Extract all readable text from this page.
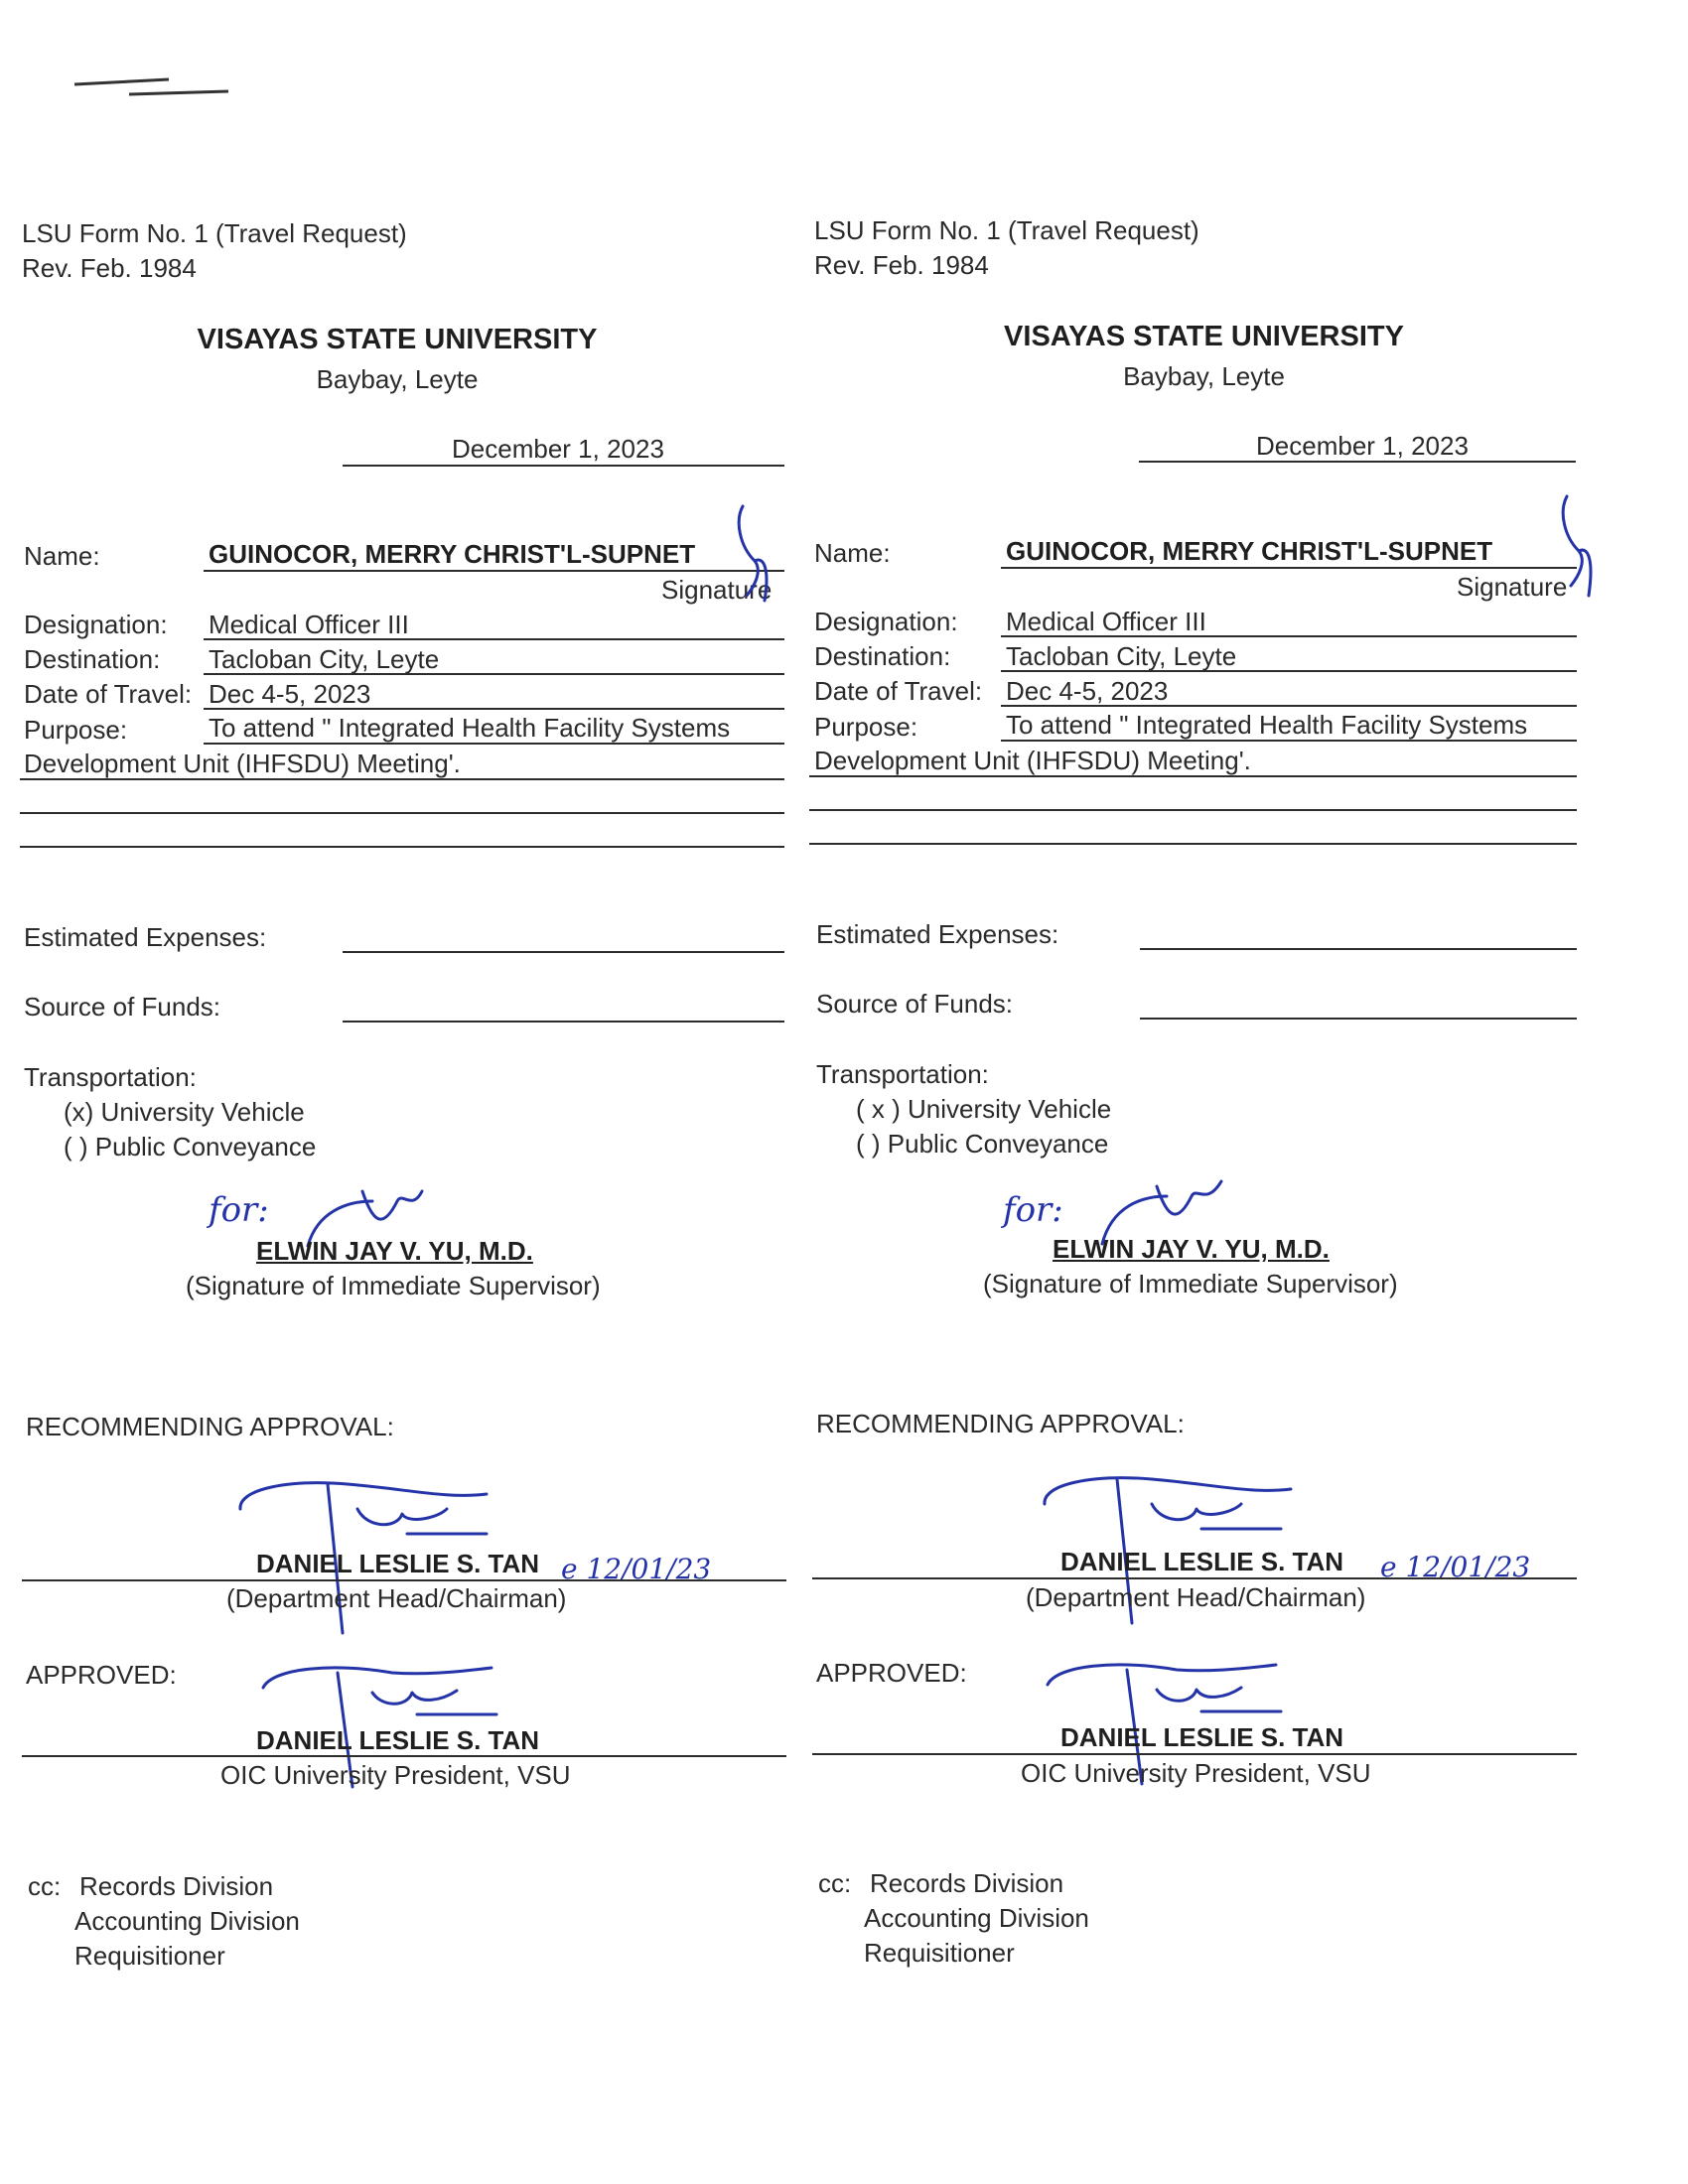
LSU Form No. 1 (Travel Request)
Rev. Feb. 1984
VISAYAS STATE UNIVERSITY
Baybay, Leyte
December 1, 2023
Name:	GUINOCOR, MERRY CHRIST'L-SUPNET
Signature
Designation: Medical Officer III
Destination: Tacloban City, Leyte
Date of Travel: Dec 4-5, 2023
Purpose:	To attend " Integrated Health Facility Systems
Development Unit (IHFSDU) Meeting'.
Estimated Expenses:
Source of Funds:
Transportation:
(x) University Vehicle
( ) Public Conveyance
for:
ELWIN JAY V. YU, M.D.
(Signature of Immediate Supervisor)
RECOMMENDING APPROVAL:
e 12/01/23
DANIEL LESLIE S. TAN
(Department Head/Chairman)
APPROVED:
DANIEL LESLIE S. TAN
OIC University President, VSU
cc: Records Division
Accounting Division
Requisitioner
LSU Form No. 1 (Travel Request)
Rev. Feb. 1984
VISAYAS STATE UNIVERSITY
Baybay, Leyte
December 1, 2023
Name:	GUINOCOR, MERRY CHRIST'L-SUPNET
Signature
Designation: Medical Officer III
Destination: Tacloban City, Leyte
Date of Travel: Dec 4-5, 2023
Purpose:	To attend " Integrated Health Facility Systems
Development Unit (IHFSDU) Meeting'.
Estimated Expenses:
Source of Funds:
Transportation:
( x ) University Vehicle
( ) Public Conveyance
for:
ELWIN JAY V. YU, M.D.
(Signature of Immediate Supervisor)
RECOMMENDING APPROVAL:
e 12/01/23
DANIEL LESLIE S. TAN
(Department Head/Chairman)
APPROVED:
DANIEL LESLIE S. TAN
OIC University President, VSU
cc: Records Division
Accounting Division
Requisitioner
